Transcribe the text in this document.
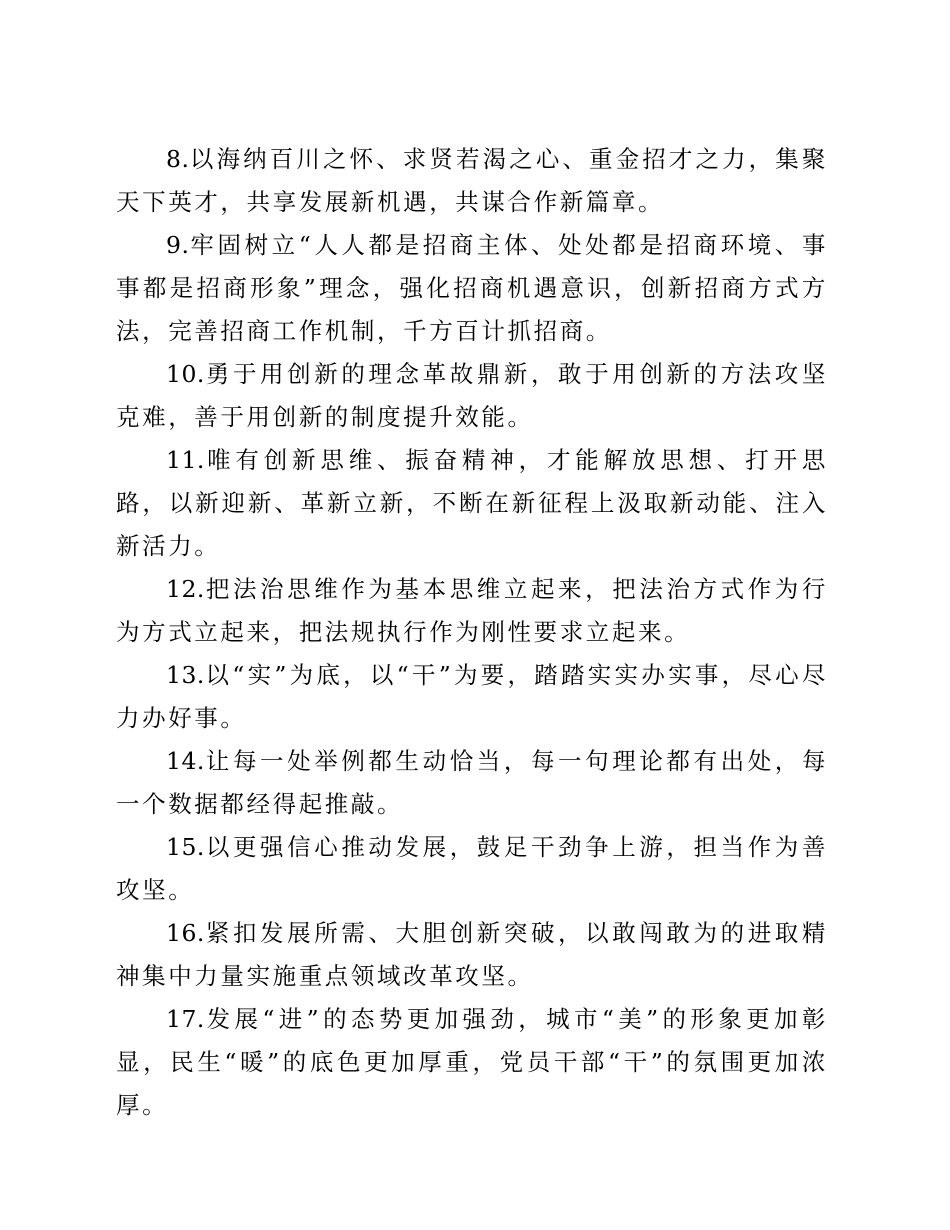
8.以海纳百川之怀、求贤若渴之心、重金招才之力，集聚天下英才，共享发展新机遇，共谋合作新篇章。

9.牢固树立“人人都是招商主体、处处都是招商环境、事事都是招商形象”理念，强化招商机遇意识，创新招商方式方法，完善招商工作机制，千方百计抓招商。

10.勇于用创新的理念革故鼎新，敢于用创新的方法攻坚克难，善于用创新的制度提升效能。

11.唯有创新思维、振奋精神，才能解放思想、打开思路，以新迎新、革新立新，不断在新征程上汲取新动能、注入新活力。

12.把法治思维作为基本思维立起来，把法治方式作为行为方式立起来，把法规执行作为刚性要求立起来。

13.以“实”为底，以“干”为要，踏踏实实办实事，尽心尽力办好事。

14.让每一处举例都生动恰当，每一句理论都有出处，每一个数据都经得起推敲。

15.以更强信心推动发展，鼓足干劲争上游，担当作为善攻坚。

16.紧扣发展所需、大胆创新突破，以敢闯敢为的进取精神集中力量实施重点领域改革攻坚。

17.发展“进”的态势更加强劲，城市“美”的形象更加彰显，民生“暖”的底色更加厚重，党员干部“干”的氛围更加浓厚。
